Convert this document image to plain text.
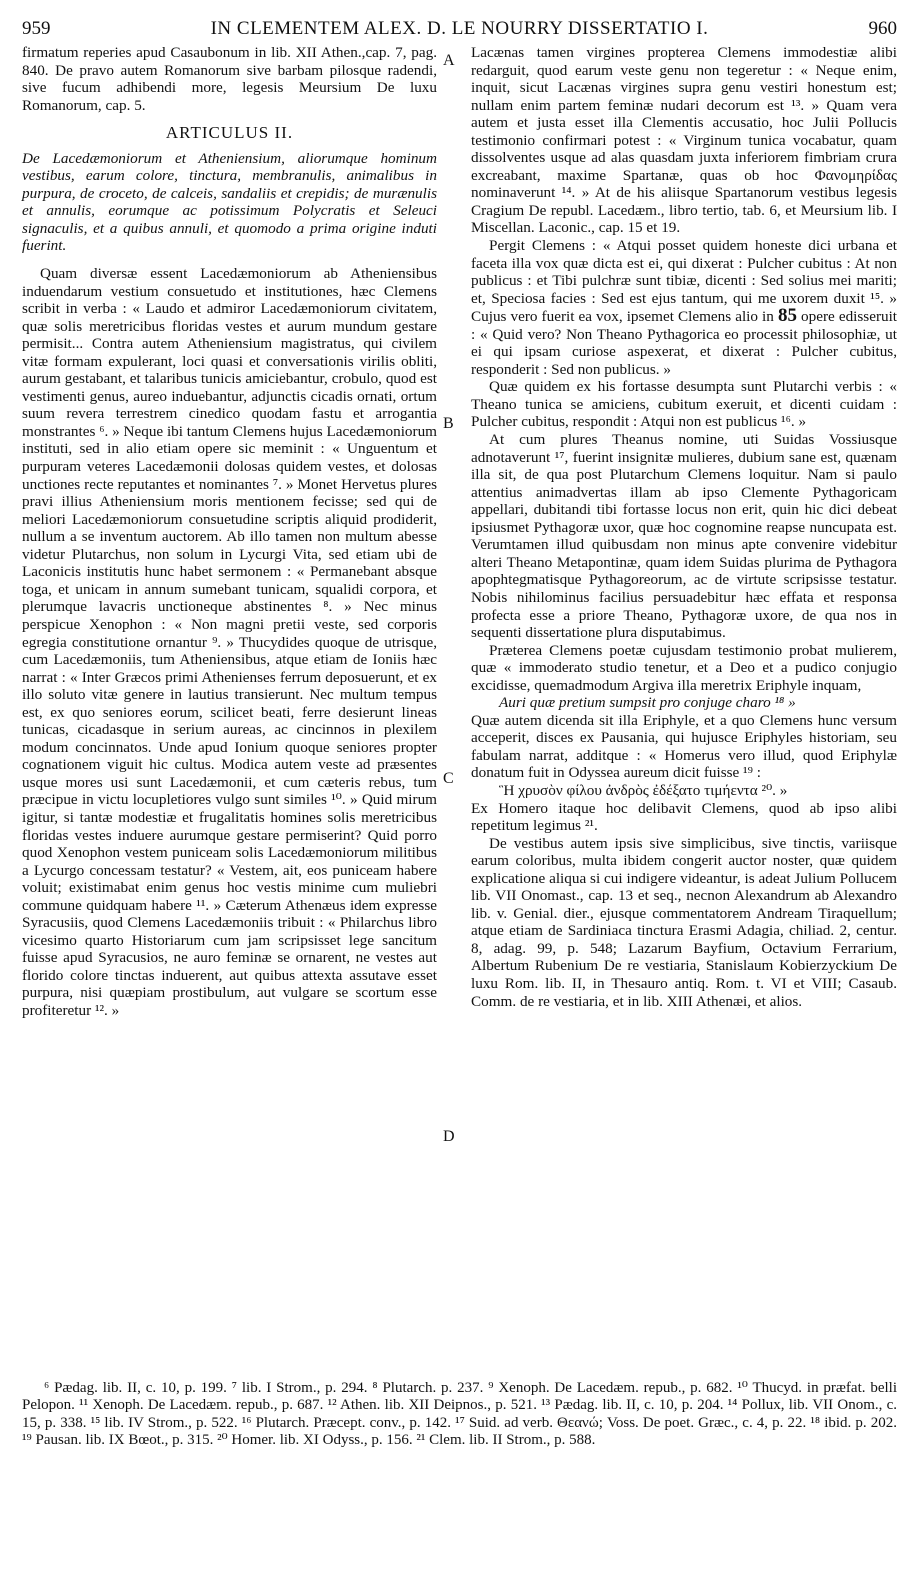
959	IN CLEMENTEM ALEX. D. LE NOURRY DISSERTATIO I.	960

firmatum reperies apud Casaubonum in lib. XII Athen.,cap. 7, pag. 840. De pravo autem Romanorum sive barbam pilosque radendi, sive fucum adhibendi more, legesis Meursium De luxu Romanorum, cap. 5.

ARTICULUS II.

De Lacedæmoniorum et Atheniensium, aliorumque hominum vestibus, earum colore, tinctura, membranulis, animalibus in purpura, de croceto, de calceis, sandaliis et crepidis; de murænulis et annulis, eorumque ac potissimum Polycratis et Seleuci signaculis, et a quibus annuli, et quomodo a prima origine induti fuerint.

Quam diversæ essent Lacedæmoniorum ab Atheniensibus induendarum vestium consuetudo et institutiones, hæc Clemens scribit in verba : « Laudo et admiror Lacedæmoniorum civitatem, quæ solis meretricibus floridas vestes et aurum mundum gestare permisit... Contra autem Atheniensium magistratus, qui civilem vitæ formam expulerant, loci quasi et conversationis virilis obliti, aurum gestabant, et talaribus tunicis amiciebantur, crobulo, quod est vestimenti genus, aureo induebantur, adjunctis cicadis ornati, ortum suum revera terrestrem cinedico quodam fastu et arrogantia monstrantes ⁶. » Neque ibi tantum Clemens hujus Lacedæmoniorum instituti, sed in alio etiam opere sic meminit : « Unguentum et purpuram veteres Lacedæmonii dolosas quidem vestes, et dolosas unctiones recte reputantes et nominantes ⁷. » Monet Hervetus plures pravi illius Atheniensium moris mentionem fecisse; sed qui de meliori Lacedæmoniorum consuetudine scriptis aliquid prodiderit, nullum a se inventum auctorem. Ab illo tamen non multum abesse videtur Plutarchus, non solum in Lycurgi Vita, sed etiam ubi de Laconicis institutis hunc habet sermonem : « Permanebant absque toga, et unicam in annum sumebant tunicam, squalidi corpora, et plerumque lavacris unctioneque abstinentes ⁸. » Nec minus perspicue Xenophon : « Non magni pretii veste, sed corporis egregia constitutione ornantur ⁹. » Thucydides quoque de utrisque, cum Lacedæmoniis, tum Atheniensibus, atque etiam de Ioniis hæc narrat : « Inter Græcos primi Athenienses ferrum deposuerunt, et ex illo soluto vitæ genere in lautius transierunt. Nec multum tempus est, ex quo seniores eorum, scilicet beati, ferre desierunt lineas tunicas, cicadasque in serium aureas, ac cincinnos in plexilem modum concinnatos. Unde apud Ionium quoque seniores propter cognationem viguit hic cultus. Modica autem veste ad præsentes usque mores usi sunt Lacedæmonii, et cum cæteris rebus, tum præcipue in victu locupletiores vulgo sunt similes ¹⁰. » Quid mirum igitur, si tantæ modestiæ et frugalitatis homines solis meretricibus floridas vestes induere aurumque gestare permiserint? Quid porro quod Xenophon vestem puniceam solis Lacedæmoniorum militibus a Lycurgo concessam testatur? « Vestem, ait, eos puniceam habere voluit; existimabat enim genus hoc vestis minime cum muliebri commune quidquam habere ¹¹. » Cæterum Athenæus idem expresse Syracusiis, quod Clemens Lacedæmoniis tribuit : « Philarchus libro vicesimo quarto Historiarum cum jam scripsisset lege sancitum fuisse apud Syracusios, ne auro feminæ se ornarent, ne vestes aut florido colore tinctas induerent, aut quibus attexta assutave esset purpura, nisi quæpiam prostibulum, aut vulgare se scortum esse profiteretur ¹². »

A
B
C
D

Lacænas tamen virgines propterea Clemens immodestiæ alibi redarguit, quod earum veste genu non tegeretur : « Neque enim, inquit, sicut Lacænas virgines supra genu vestiri honestum est; nullam enim partem feminæ nudari decorum est ¹³. » Quam vera autem et justa esset illa Clementis accusatio, hoc Julii Pollucis testimonio confirmari potest : « Virginum tunica vocabatur, quam dissolventes usque ad alas quasdam juxta inferiorem fimbriam crura excreabant, maxime Spartanæ, quas ob hoc Φανομηρίδας nominaverunt ¹⁴. » At de his aliisque Spartanorum vestibus legesis Cragium De republ. Lacedæm., libro tertio, tab. 6, et Meursium lib. I Miscellan. Laconic., cap. 15 et 19.

Pergit Clemens : « Atqui posset quidem honeste dici urbana et faceta illa vox quæ dicta est ei, qui dixerat : Pulcher cubitus : At non publicus : et Tibi pulchræ sunt tibiæ, dicenti : Sed solius mei mariti; et, Speciosa facies : Sed est ejus tantum, qui me uxorem duxit ¹⁵. » Cujus vero fuerit ea vox, ipsemet Clemens alio in 85 opere edisseruit : « Quid vero? Non Theano Pythagorica eo processit philosophiæ, ut ei qui ipsam curiose aspexerat, et dixerat : Pulcher cubitus, responderit : Sed non publicus. »

Quæ quidem ex his fortasse desumpta sunt Plutarchi verbis : « Theano tunica se amiciens, cubitum exeruit, et dicenti cuidam : Pulcher cubitus, respondit : Atqui non est publicus ¹⁶. »

At cum plures Theanus nomine, uti Suidas Vossiusque adnotaverunt ¹⁷, fuerint insignitæ mulieres, dubium sane est, quænam illa sit, de qua post Plutarchum Clemens loquitur. Nam si paulo attentius animadvertas illam ab ipso Clemente Pythagoricam appellari, dubitandi tibi fortasse locus non erit, quin hic dici debeat ipsiusmet Pythagoræ uxor, quæ hoc cognomine reapse nuncupata est. Verumtamen illud quibusdam non minus apte convenire videbitur alteri Theano Metapontinæ, quam idem Suidas plurima de Pythagora apophtegmatisque Pythagoreorum, ac de virtute scripsisse testatur. Nobis nihilominus facilius persuadebitur hæc effata et responsa profecta esse a priore Theano, Pythagoræ uxore, de qua nos in sequenti dissertatione plura disputabimus.

Præterea Clemens poetæ cujusdam testimonio probat mulierem, quæ « immoderato studio tenetur, et a Deo et a pudico conjugio excidisse, quemadmodum Argiva illa meretrix Eriphyle inquam,

Auri quæ pretium sumpsit pro conjuge charo ¹⁸ »

Quæ autem dicenda sit illa Eriphyle, et a quo Clemens hunc versum acceperit, disces ex Pausania, qui hujusce Eriphyles historiam, seu fabulam narrat, additque : « Homerus vero illud, quod Eriphylæ donatum fuit in Odyssea aureum dicit fuisse ¹⁹ :

Ἣ χρυσὸν φίλου ἀνδρὸς ἐδέξατο τιμήεντα ²⁰. »

Ex Homero itaque hoc delibavit Clemens, quod ab ipso alibi repetitum legimus ²¹.

De vestibus autem ipsis sive simplicibus, sive tinctis, variisque earum coloribus, multa ibidem congerit auctor noster, quæ quidem explicatione aliqua si cui indigere videantur, is adeat Julium Pollucem lib. VII Onomast., cap. 13 et seq., necnon Alexandrum ab Alexandro lib. v. Genial. dier., ejusque commentatorem Andream Tiraquellum; atque etiam de Sardiniaca tinctura Erasmi Adagia, chiliad. 2, centur. 8, adag. 99, p. 548; Lazarum Bayfium, Octavium Ferrarium, Albertum Rubenium De re vestiaria, Stanislaum Kobierzyckium De luxu Rom. lib. II, in Thesauro antiq. Rom. t. VI et VIII; Casaub. Comm. de re vestiaria, et in lib. XIII Athenæi, et alios.

⁶ Pædag. lib. II, c. 10, p. 199. ⁷ lib. I Strom., p. 294. ⁸ Plutarch. p. 237. ⁹ Xenoph. De Lacedæm. repub., p. 682. ¹⁰ Thucyd. in præfat. belli Pelopon. ¹¹ Xenoph. De Lacedæm. repub., p. 687. ¹² Athen. lib. XII Deipnos., p. 521. ¹³ Pædag. lib. II, c. 10, p. 204. ¹⁴ Pollux, lib. VII Onom., c. 15, p. 338. ¹⁵ lib. IV Strom., p. 522. ¹⁶ Plutarch. Præcept. conv., p. 142. ¹⁷ Suid. ad verb. Θεανώ; Voss. De poet. Græc., c. 4, p. 22. ¹⁸ ibid. p. 202. ¹⁹ Pausan. lib. IX Bœot., p. 315. ²⁰ Homer. lib. XI Odyss., p. 156. ²¹ Clem. lib. II Strom., p. 588.
